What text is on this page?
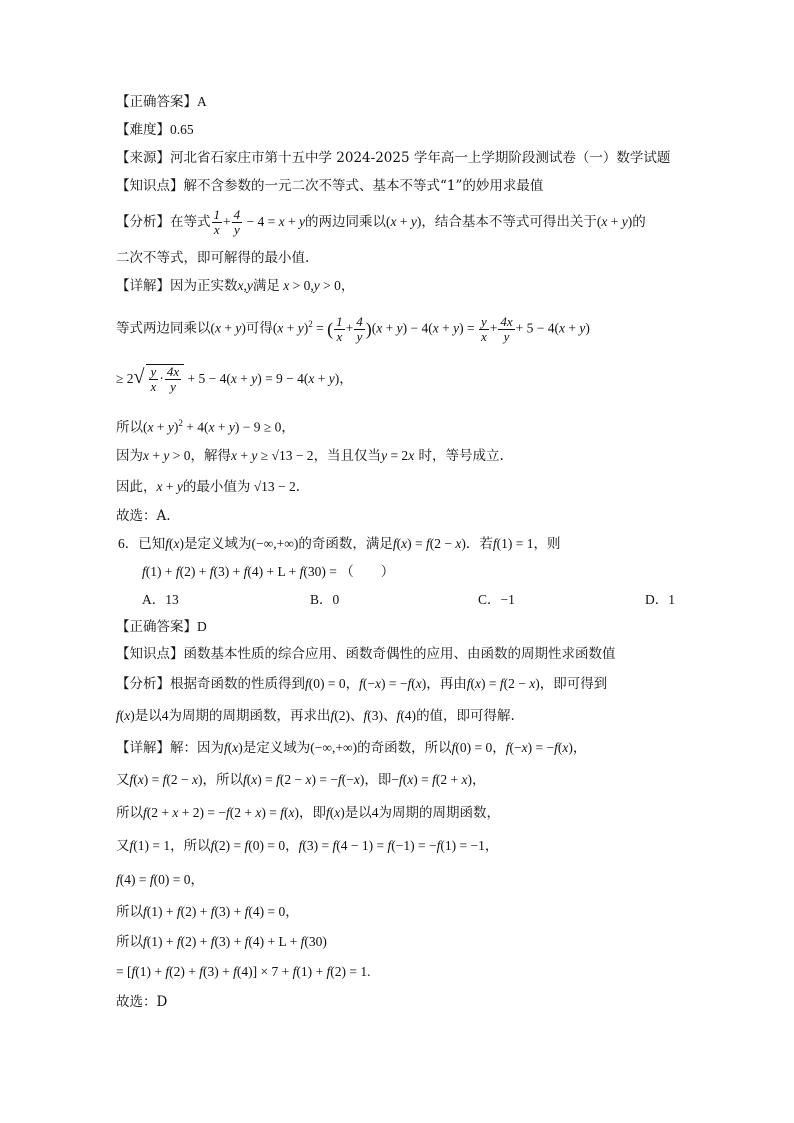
【正确答案】A
【难度】0.65
【来源】河北省石家庄市第十五中学 2024-2025 学年高一上学期阶段测试卷（一）数学试题
【知识点】解不含参数的一元二次不等式、基本不等式“1”的妙用求最值
【分析】在等式 $\frac{1}{x} + \frac{4}{y} - 4 = x + y$的两边同乘以(x + y)，结合基本不等式可得出关于(x + y)的
二次不等式，即可解得的最小值.
【详解】因为正实数x,y满足 x > 0,y > 0，
等式两边同乘以(x + y)可得$(x + y)^2$ = ( $\frac{1}{x} + \frac{4}{y} )(x + y) - 4(x + y) = \frac{y}{x} + \frac{4x}{y} + 5 - 4(x + y)$
≥ $2√ \frac{y}{x} \cdot \frac{4x}{y} + 5 - 4(x + y) = 9 - 4(x + y)$，
所以$(x + y)^2 + 4(x + y) - 9 \ge 0$，
因为x + y > 0，解得x + y ≥ √13 − 2，当且仅当y = 2x 时，等号成立.
因此，x + y的最小值为 √13 − 2.
故选：A.
6．已知f(x)是定义域为(−∞,+∞)的奇函数，满足f(x) = f(2 − x)．若f(1) = 1，则
f(1) + f(2) + f(3) + f(4) + L + f(30) = （　　）
A．13	B．0	C．−1	D．1
【正确答案】D
【知识点】函数基本性质的综合应用、函数奇偶性的应用、由函数的周期性求函数值
【分析】根据奇函数的性质得到f(0) = 0，f(−x) = −f(x)，再由f(x) = f(2 − x)，即可得到
f(x)是以4为周期的周期函数，再求出f(2)、f(3)、f(4)的值，即可得解.
【详解】解：因为f(x)是定义域为(−∞,+∞)的奇函数，所以f(0) = 0，f(−x) = −f(x)，
又f(x) = f(2 − x)，所以f(x) = f(2 − x) = −f(−x)，即−f(x) = f(2 + x)，
所以f(2 + x + 2) = −f(2 + x) = f(x)，即f(x)是以4为周期的周期函数，
又f(1) = 1，所以f(2) = f(0) = 0，f(3) = f(4 − 1) = f(−1) = −f(1) = −1，
f(4) = f(0) = 0，
所以f(1) + f(2) + f(3) + f(4) = 0，
所以f(1) + f(2) + f(3) + f(4) + L + f(30)
= [f(1) + f(2) + f(3) + f(4)] × 7 + f(1) + f(2) = 1.
故选：D
